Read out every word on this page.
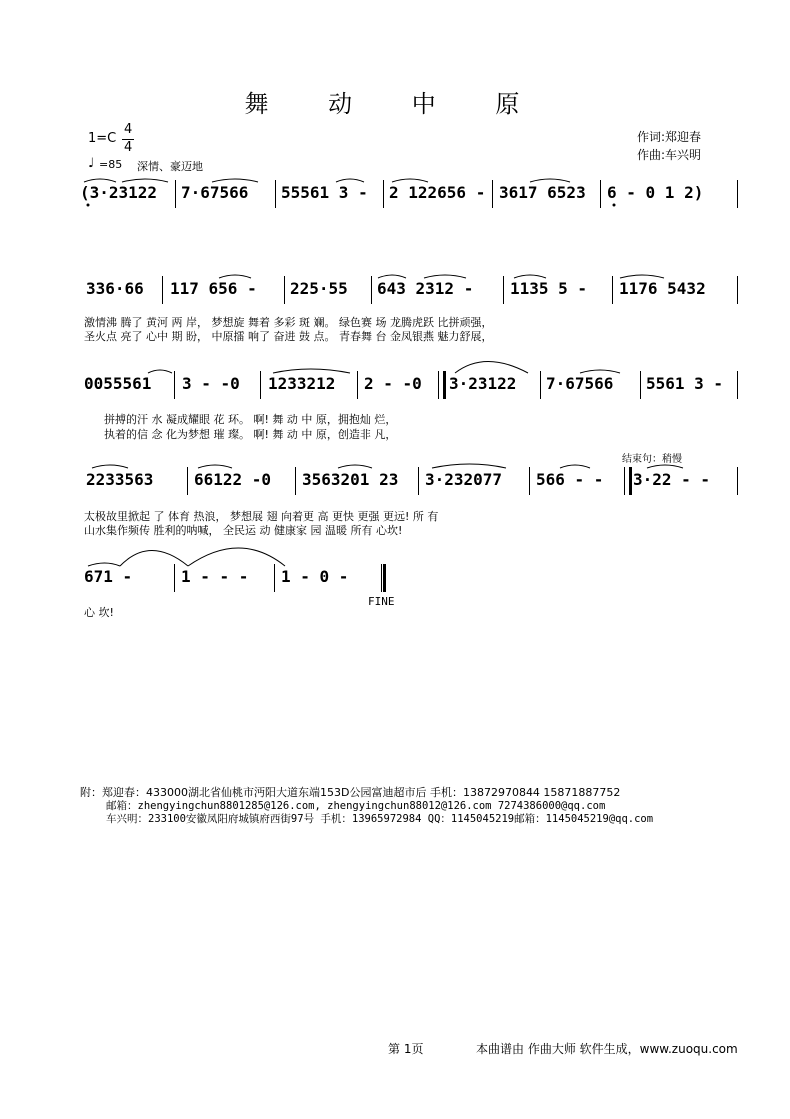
舞 动 中 原
1=C
4
4
♩ =85 深情、豪迈地
作词:郑迎春
作曲:车兴明
(3·23122 7·67566 55561 3 - 2 122656 - 3617 6523 6 - 0 1 2)
336·66 117 656 - 225·55 643 2312 - 1135 5 - 1176 5432
激情沸 腾了 黄河 两 岸， 梦想旋 舞着 多彩 斑 斓。 绿色赛 场 龙腾虎跃 比拼顽强，
圣火点 亮了 心中 期 盼， 中原擂 响了 奋进 鼓 点。 青春舞 台 金凤银燕 魅力舒展，
0055561 3 - -0 1233212 2 - -0 3·23122 7·67566 5561 3 -
拼搏的汗 水 凝成耀眼 花 环。 啊! 舞 动 中 原，拥抱灿 烂，
执着的信 念 化为梦想 璀 璨。 啊! 舞 动 中 原，创造非 凡，
2233563	66122 -0 3563201 23 3·232077 566 - - 3·22 - -
结束句：稍慢
太极故里掀起 了 体育 热浪， 梦想展 翅 向着更 高 更快 更强 更远! 所 有
山水集作频传 胜利的呐喊， 全民运 动 健康家 园 温暖 所有 心坎!
671 -	1 - - - 1 - 0 -
FINE
心 坎!
附：郑迎春：433000湖北省仙桃市沔阳大道东端153D公园富迪超市后 手机：13872970844 15871887752
邮箱：zhengyingchun8801285@126.com, zhengyingchun88012@126.com 7274386000@qq.com
车兴明：233100安徽凤阳府城镇府西街97号 手机：13965972984 QQ：1145045219邮箱：1145045219@qq.com
第 1页	本曲谱由 作曲大师 软件生成，www.zuoqu.com
